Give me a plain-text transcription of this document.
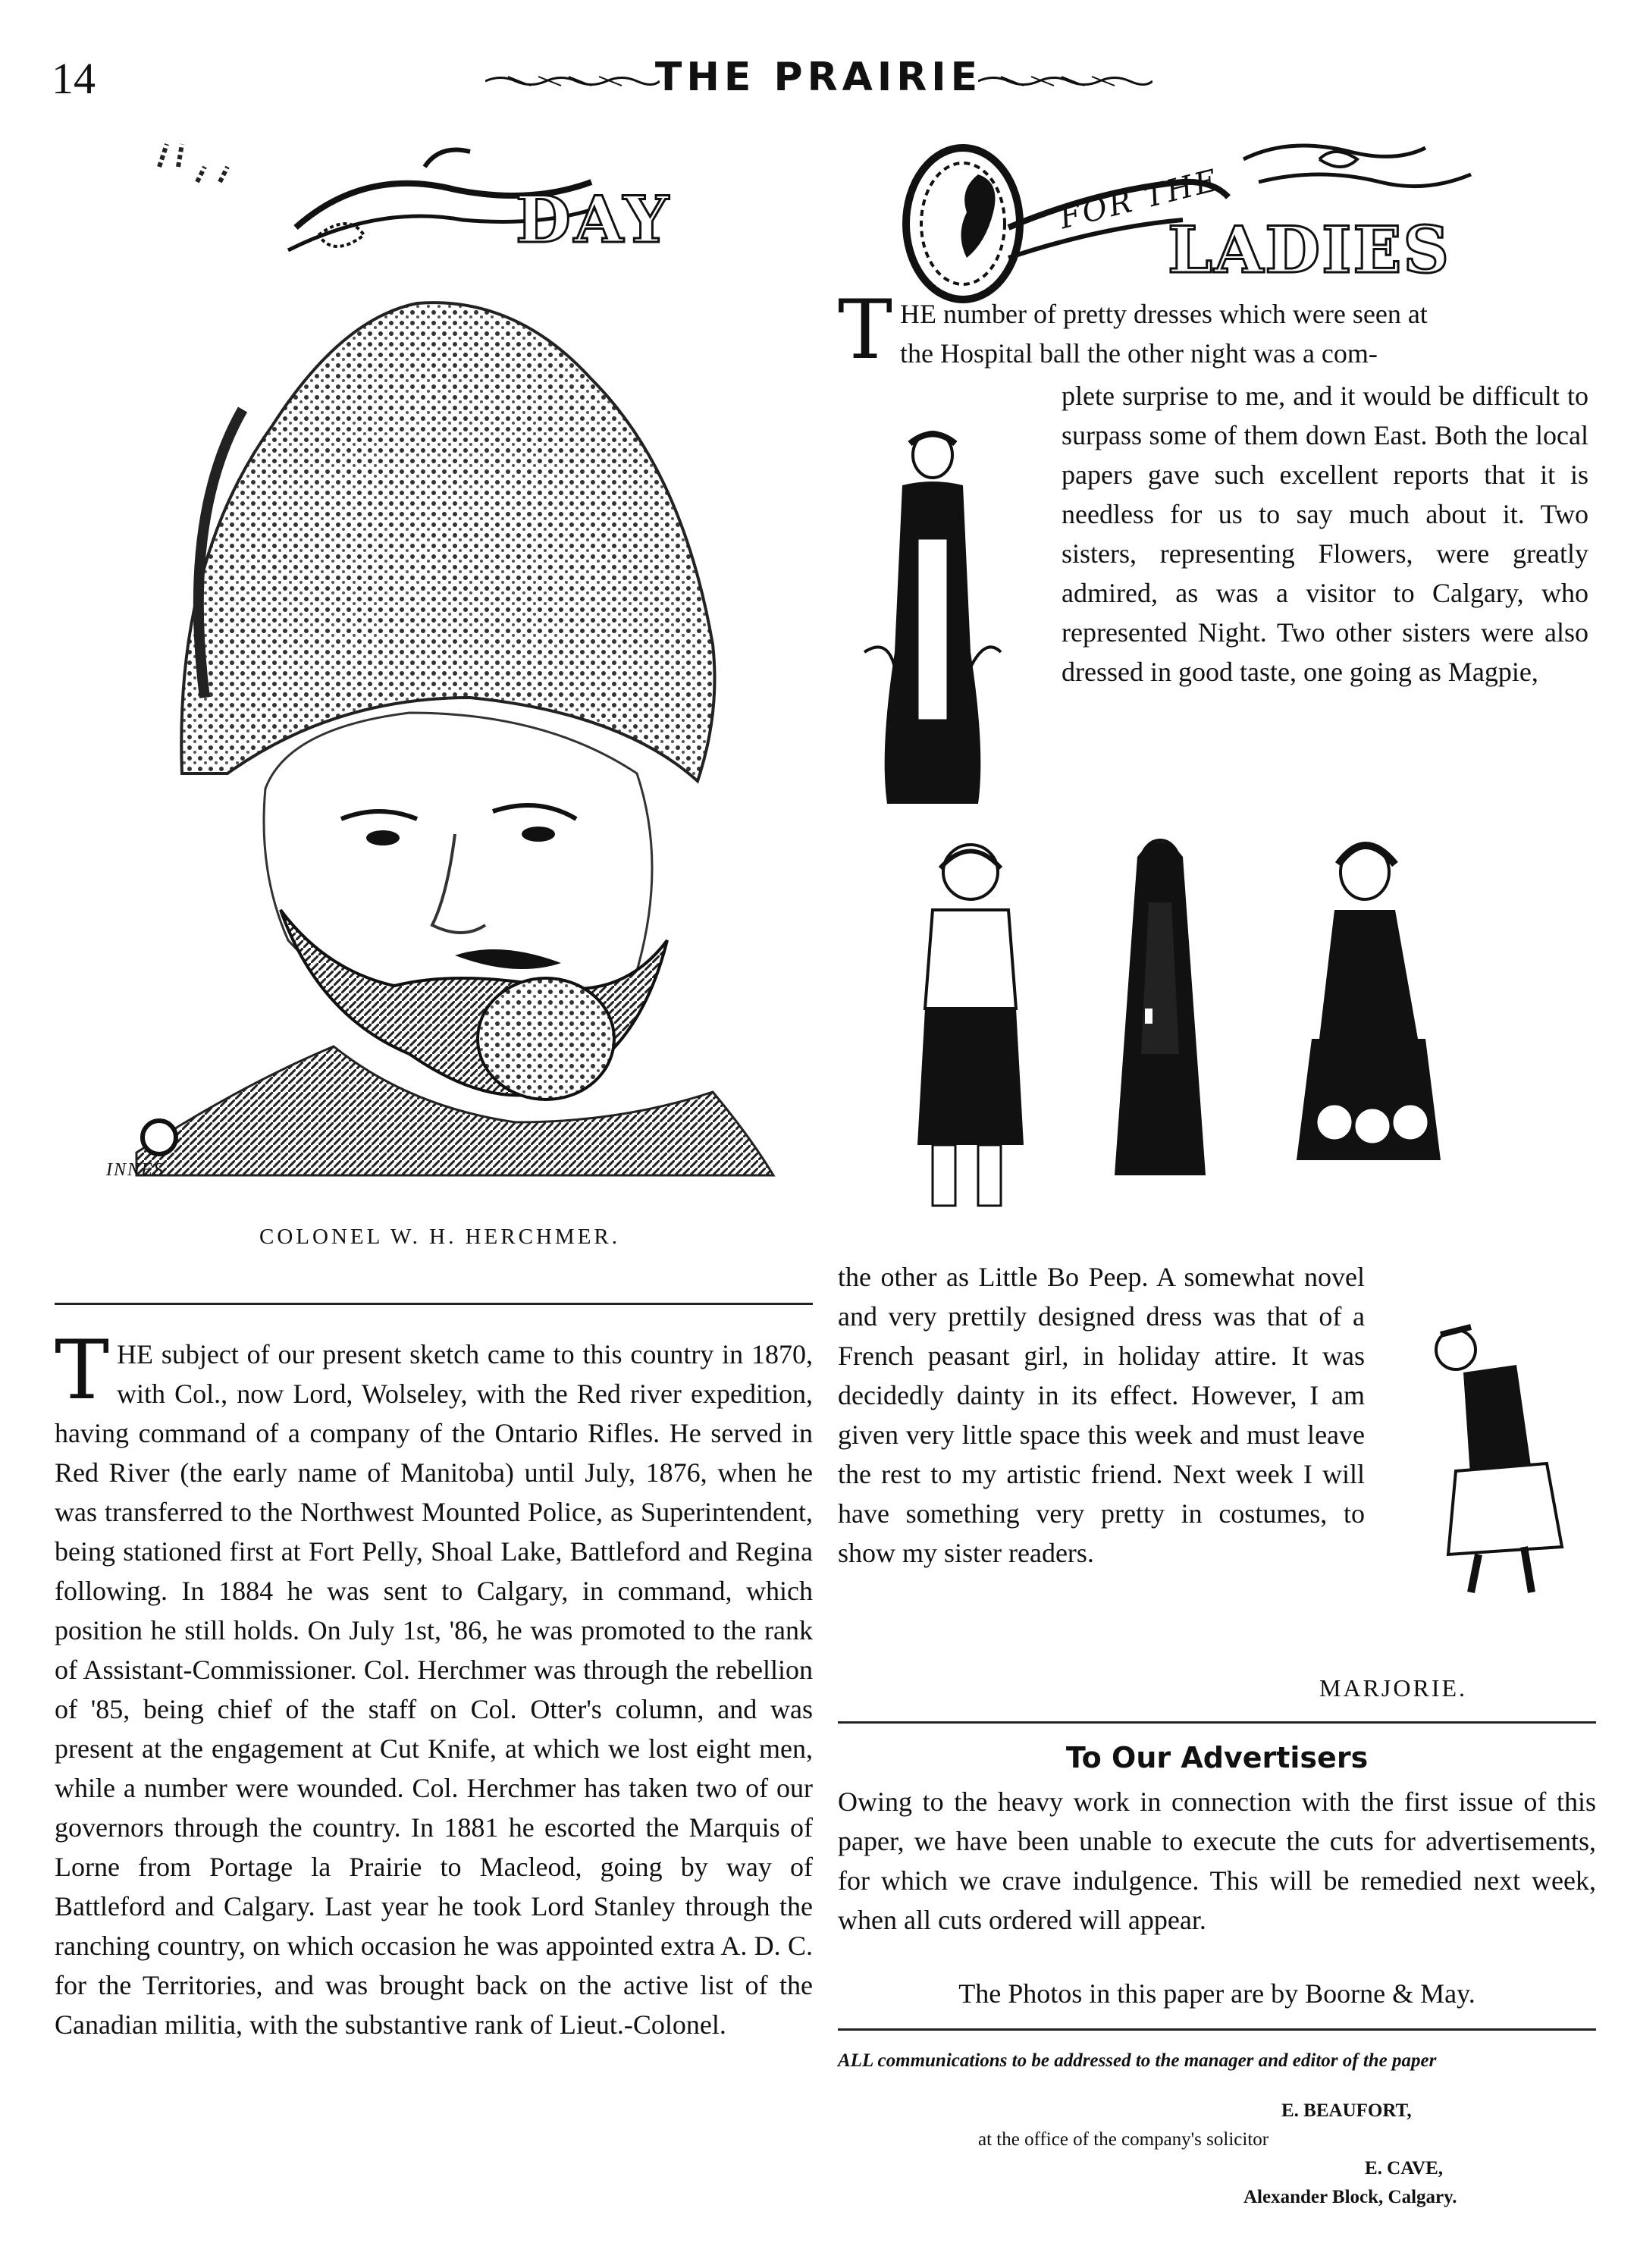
14	THE PRAIRIE
DAY	FOR THE
LADIES
INNES
COLONEL W. H. HERCHMER.
THE subject of our present sketch came to this country in 1870, with Col., now Lord, Wolseley, with the Red river expedition, having command of a company of the Ontario Rifles. He served in Red River (the early name of Manitoba) until July, 1876, when he was transferred to the Northwest Mounted Police, as Superintendent, being stationed first at Fort Pelly, Shoal Lake, Battleford and Regina following. In 1884 he was sent to Calgary, in command, which position he still holds. On July 1st, '86, he was promoted to the rank of Assistant-Commissioner. Col. Herchmer was through the rebellion of '85, being chief of the staff on Col. Otter's column, and was present at the engagement at Cut Knife, at which we lost eight men, while a number were wounded. Col. Herchmer has taken two of our governors through the country. In 1881 he escorted the Marquis of Lorne from Portage la Prairie to Macleod, going by way of Battleford and Calgary. Last year he took Lord Stanley through the ranching country, on which occasion he was appointed extra A. D. C. for the Territories, and was brought back on the active list of the Canadian militia, with the substantive rank of Lieut.-Colonel.
T HE number of pretty dresses which were seen at
the Hospital ball the other night was a com-
plete surprise to me, and it would be difficult to surpass some of them down East. Both the local papers gave such excellent reports that it is needless for us to say much about it. Two sisters, representing Flowers, were greatly admired, as was a visitor to Calgary, who represented Night. Two other sisters were also dressed in good taste, one going as Magpie,
the other as Little Bo Peep. A somewhat novel and very prettily designed dress was that of a French peasant girl, in holiday attire. It was decidedly dainty in its effect. However, I am given very little space this week and must leave the rest to my artistic friend. Next week I will have something very pretty in costumes, to show my sister readers.
MARJORIE.
To Our Advertisers
Owing to the heavy work in connection with the first issue of this paper, we have been unable to execute the cuts for advertisements, for which we crave indulgence. This will be remedied next week, when all cuts ordered will appear.
The Photos in this paper are by Boorne & May.
ALL communications to be addressed to the manager and editor of the paper
E. BEAUFORT,
at the office of the company's solicitor
E. CAVE,
Alexander Block, Calgary.
